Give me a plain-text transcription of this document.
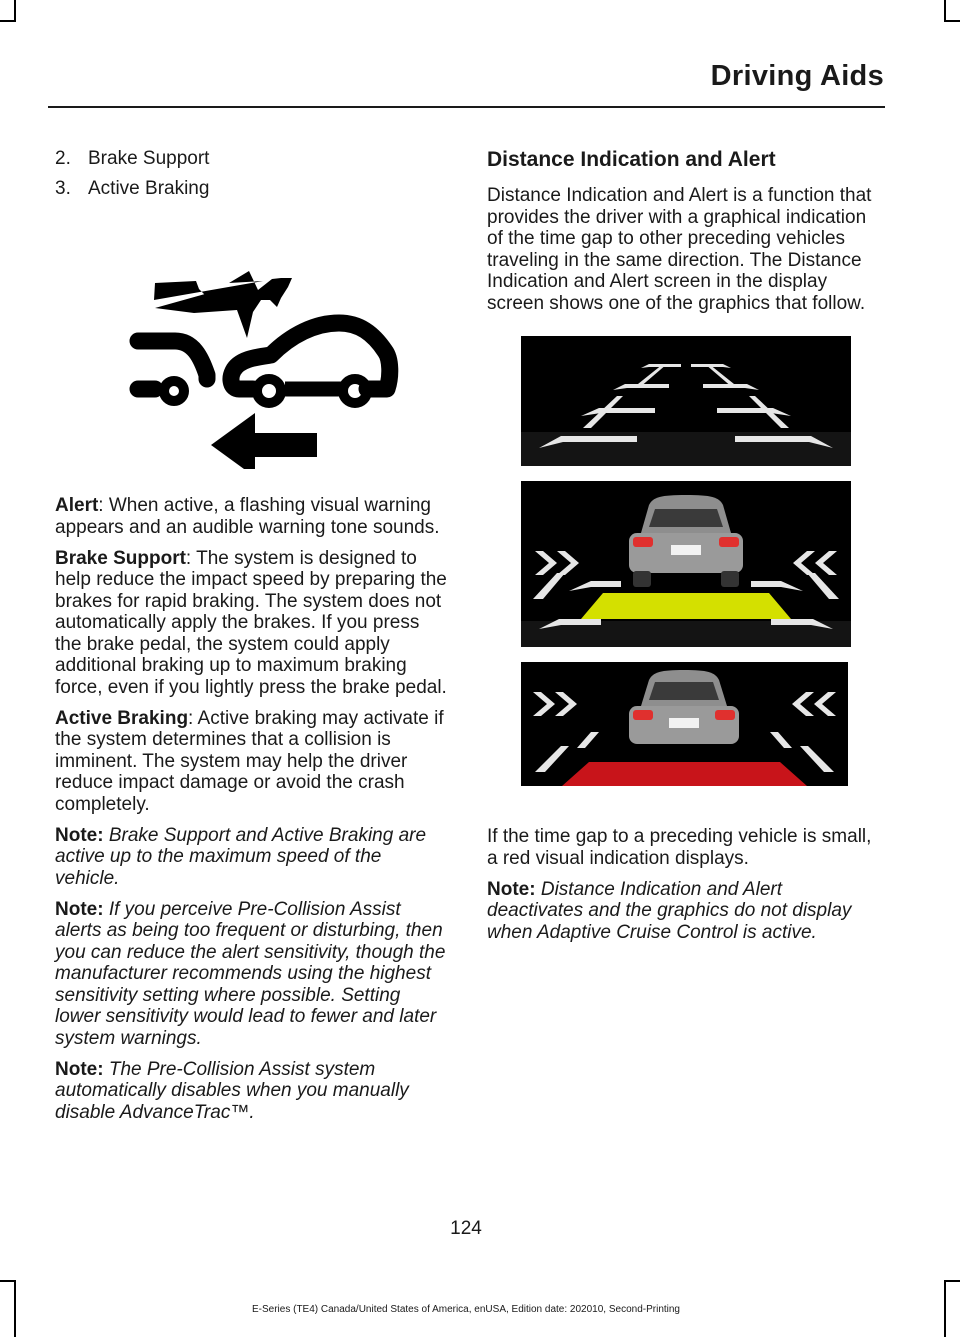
Driving Aids
2. Brake Support
3. Active Braking

Alert: When active, a flashing visual warning appears and an audible warning tone sounds.

Brake Support: The system is designed to help reduce the impact speed by preparing the brakes for rapid braking. The system does not automatically apply the brakes. If you press the brake pedal, the system could apply additional braking up to maximum braking force, even if you lightly press the brake pedal.

Active Braking: Active braking may activate if the system determines that a collision is imminent. The system may help the driver reduce impact damage or avoid the crash completely.

Note: Brake Support and Active Braking are active up to the maximum speed of the vehicle.

Note: If you perceive Pre-Collision Assist alerts as being too frequent or disturbing, then you can reduce the alert sensitivity, though the manufacturer recommends using the highest sensitivity setting where possible. Setting lower sensitivity would lead to fewer and later system warnings.

Note: The Pre-Collision Assist system automatically disables when you manually disable AdvanceTrac™.

Distance Indication and Alert

Distance Indication and Alert is a function that provides the driver with a graphical indication of the time gap to other preceding vehicles traveling in the same direction. The Distance Indication and Alert screen in the display screen shows one of the graphics that follow.

If the time gap to a preceding vehicle is small, a red visual indication displays.

Note: Distance Indication and Alert deactivates and the graphics do not display when Adaptive Cruise Control is active.

124
E-Series (TE4) Canada/United States of America, enUSA, Edition date: 202010, Second-Printing
